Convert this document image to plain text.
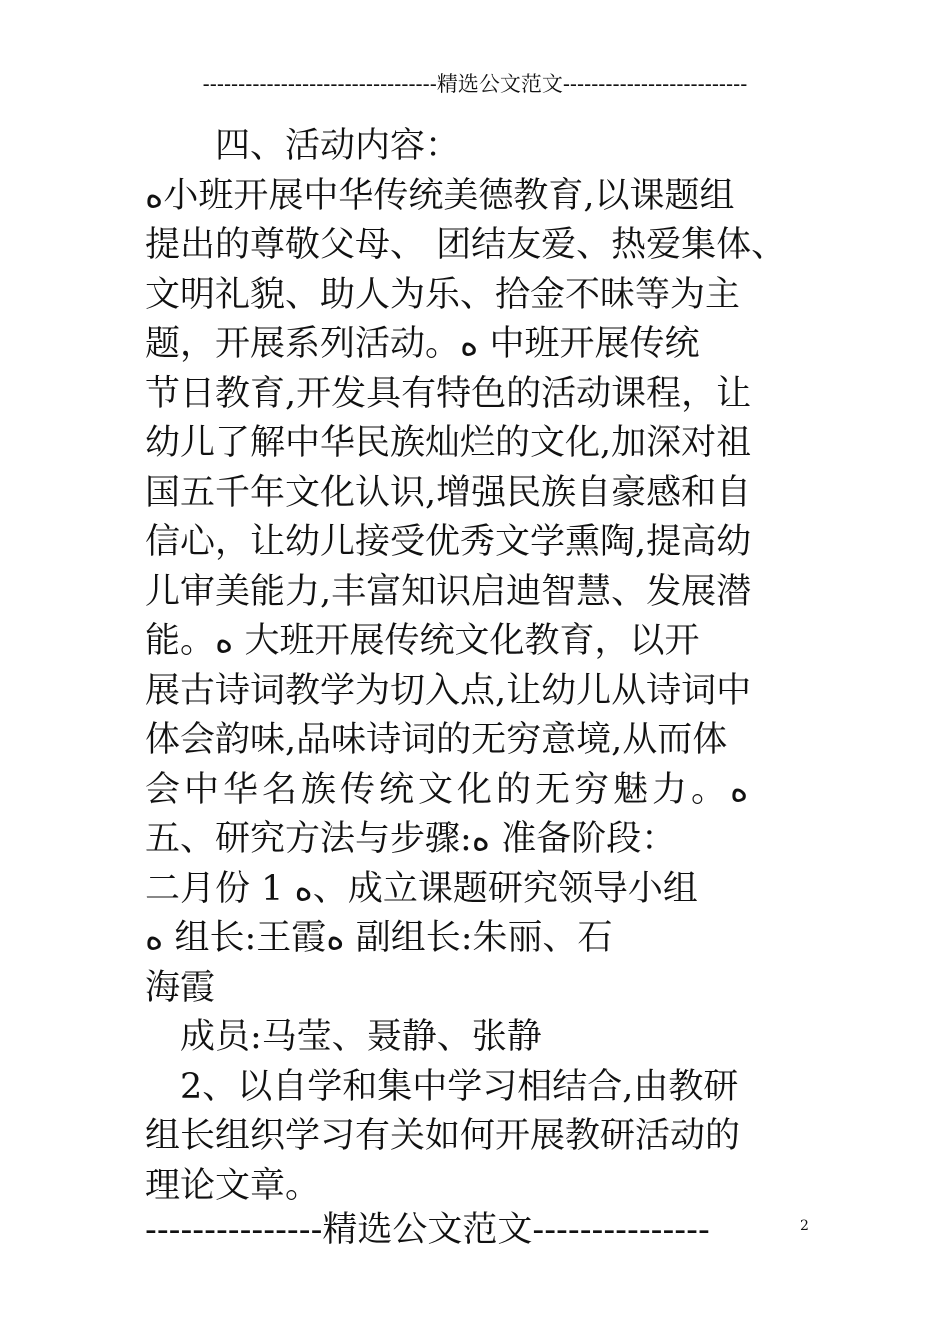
---------------------------------精选公文范文--------------------------
　　四、活动内容：
ﻩ小班开展中华传统美德教育,以课题组
提出的尊敬父母、 团结友爱、热爱集体、
文明礼貌、助人为乐、拾金不昧等为主
题，开展系列活动。ﻩ 中班开展传统
节日教育,开发具有特色的活动课程，让
幼儿了解中华民族灿烂的文化,加深对祖
国五千年文化认识,增强民族自豪感和自
信心，让幼儿接受优秀文学熏陶,提高幼
儿审美能力,丰富知识启迪智慧、发展潜
能。ﻩ 大班开展传统文化教育，以开
展古诗词教学为切入点,让幼儿从诗词中
体会韵味,品味诗词的无穷意境,从而体
会中华名族传统文化的无穷魅力。ﻩ
五、研究方法与步骤:ﻩ 准备阶段：
二月份 1 ﻩ、成立课题研究领导小组
ﻩ 组长:王霞ﻩ 副组长:朱丽、石
海霞
　成员:马莹、聂静、张静
　2、以自学和集中学习相结合,由教研
组长组织学习有关如何开展教研活动的
理论文章。
---------------精选公文范文---------------	2
